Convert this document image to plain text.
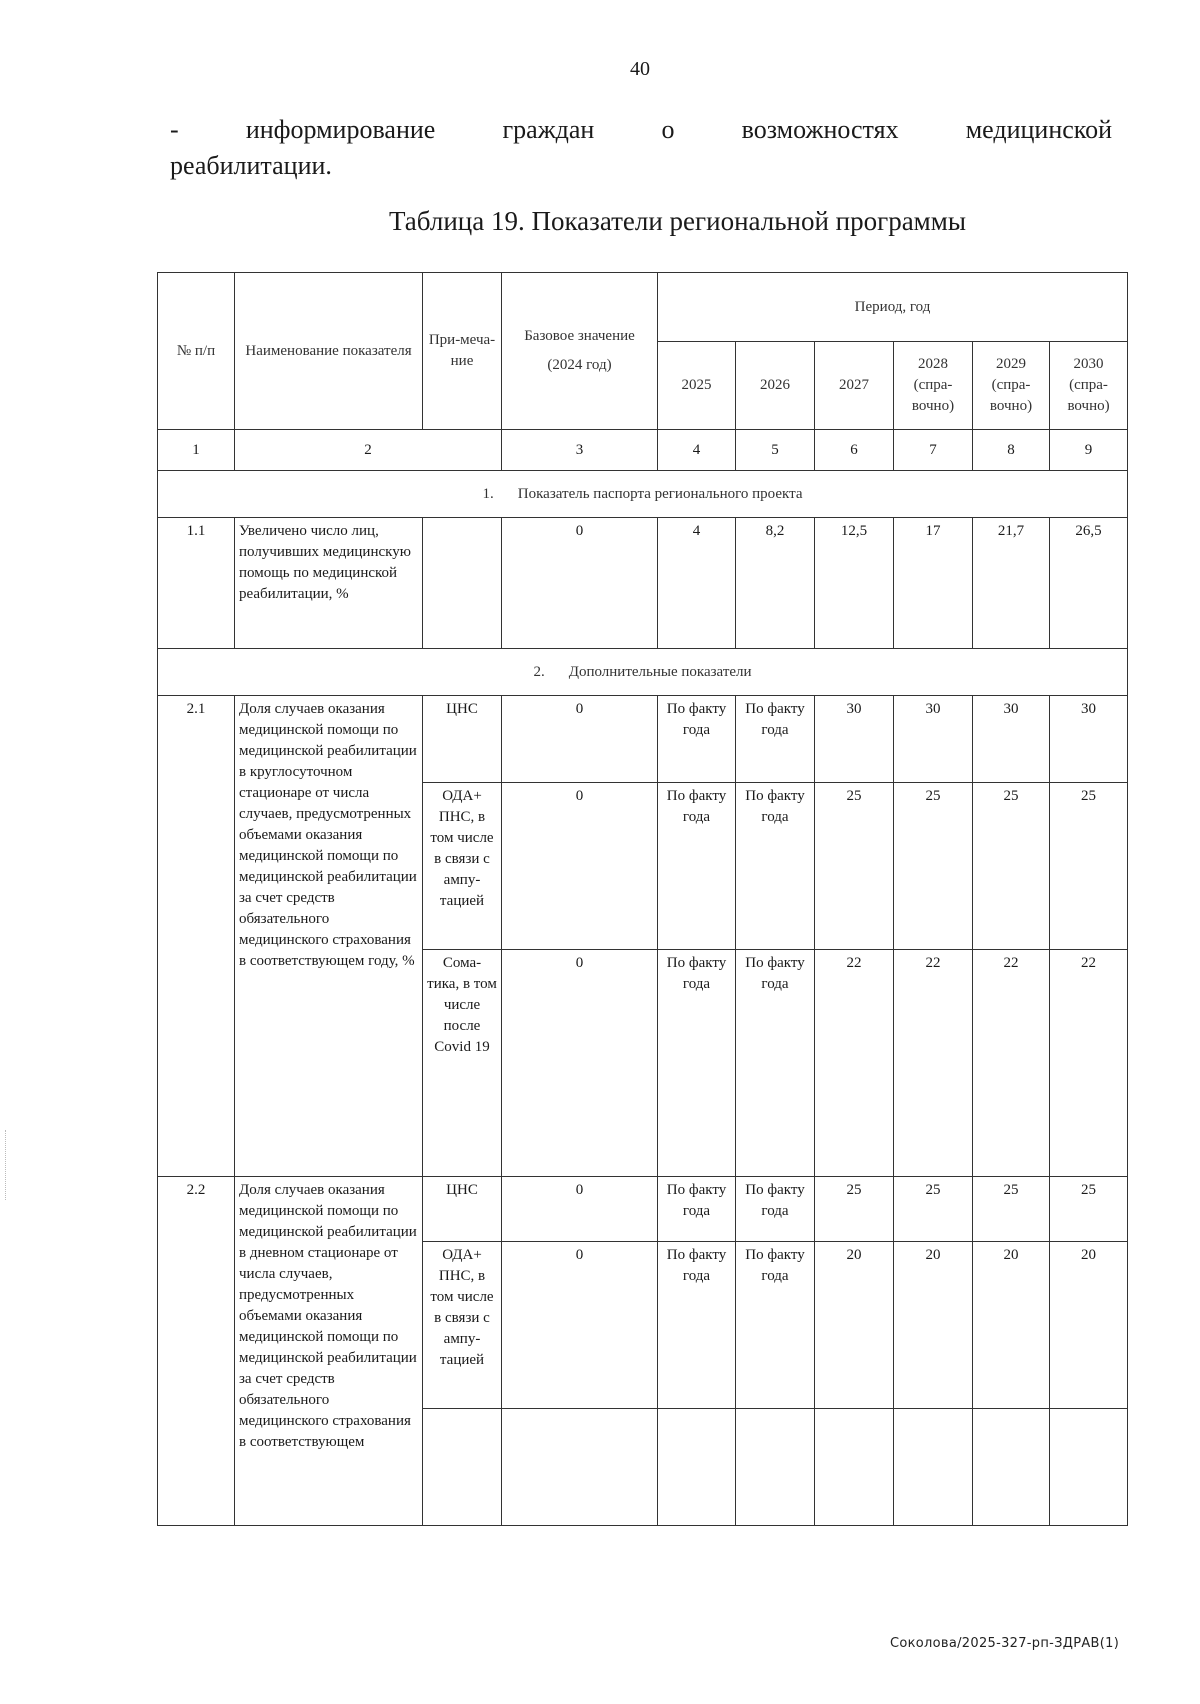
40
- информирование граждан о возможностях медицинской
реабилитации.
Таблица 19. Показатели региональной программы
№ п/п	Наименование показателя	При-меча-ние	Базовое значение
(2024 год)	Период, год					
				2025	2026	2027	2028 (спра-вочно)	2029 (спра-вочно)	2030 (спра-вочно)
1	2		3	4	5	6	7	8	9
1. Показатель паспорта регионального проекта									
1.1	Увеличено число лиц, получивших медицинскую помощь по медицинской реабилитации, %		0	4	8,2	12,5	17	21,7	26,5
2. Дополнительные показатели									
2.1	Доля случаев оказания медицинской помощи по медицинской реабилитации в круглосуточном стационаре от числа случаев, предусмотренных объемами оказания медицинской помощи по медицинской реабилитации за счет средств обязательного медицинского страхования в соответствующем году, %	ЦНС	0	По факту года	По факту года	30	30	30	30
		ОДА+ ПНС, в том числе в связи с ампу-тацией	0	По факту года	По факту года	25	25	25	25
		Сома-тика, в том числе после Covid 19	0	По факту года	По факту года	22	22	22	22
2.2	Доля случаев оказания медицинской помощи по медицинской реабилитации в дневном стационаре от числа случаев, предусмотренных объемами оказания медицинской помощи по медицинской реабилитации за счет средств обязательного медицинского страхования в соответствующем	ЦНС	0	По факту года	По факту года	25	25	25	25
		ОДА+ ПНС, в том числе в связи с ампу-тацией	0	По факту года	По факту года	20	20	20	20

Соколова/2025-327-рп-ЗДРАВ(1)
